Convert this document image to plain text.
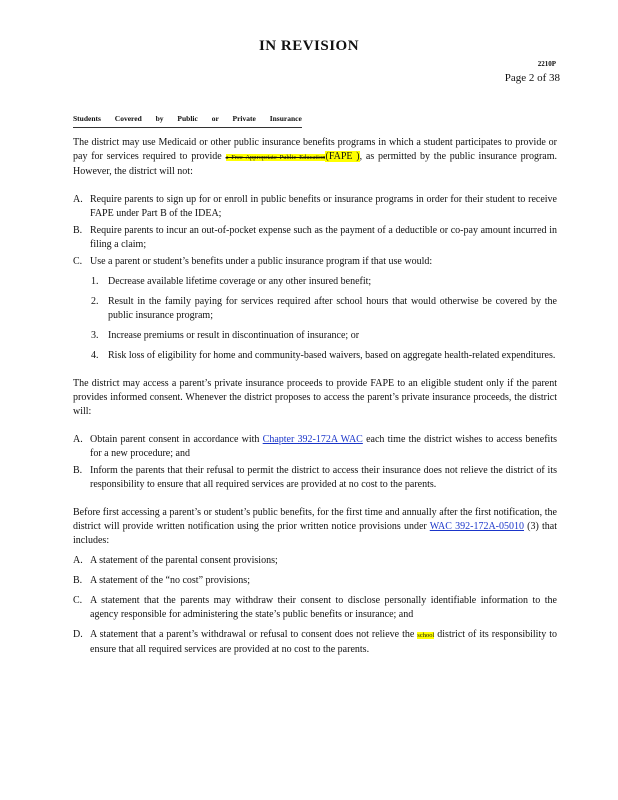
IN REVISION
2210P
Page 2 of 38
Students Covered by Public or Private Insurance

The district may use Medicaid or other public insurance benefits programs in which a student participates to provide or pay for services required to provide a Free Appropriate Public Education(FAPE ), as permitted by the public insurance program. However, the district will not:

A. Require parents to sign up for or enroll in public benefits or insurance programs in order for their student to receive FAPE under Part B of the IDEA;
B. Require parents to incur an out-of-pocket expense such as the payment of a deductible or co-pay amount incurred in filing a claim;
C. Use a parent or student’s benefits under a public insurance program if that use would:
1. Decrease available lifetime coverage or any other insured benefit;
2. Result in the family paying for services required after school hours that would otherwise be covered by the public insurance program;
3. Increase premiums or result in discontinuation of insurance; or
4. Risk loss of eligibility for home and community-based waivers, based on aggregate health-related expenditures.

The district may access a parent’s private insurance proceeds to provide FAPE to an eligible student only if the parent provides informed consent. Whenever the district proposes to access the parent’s private insurance proceeds, the district will:

A. Obtain parent consent in accordance with Chapter 392-172A WAC each time the district wishes to access benefits for a new procedure; and
B. Inform the parents that their refusal to permit the district to access their insurance does not relieve the district of its responsibility to ensure that all required services are provided at no cost to the parents.

Before first accessing a parent’s or student’s public benefits, for the first time and annually after the first notification, the district will provide written notification using the prior written notice provisions under WAC 392-172A-05010 (3) that includes:

A. A statement of the parental consent provisions;
B. A statement of the “no cost” provisions;
C. A statement that the parents may withdraw their consent to disclose personally identifiable information to the agency responsible for administering the state’s public benefits or insurance; and
D. A statement that a parent’s withdrawal or refusal to consent does not relieve the school district of its responsibility to ensure that all required services are provided at no cost to the parents.
